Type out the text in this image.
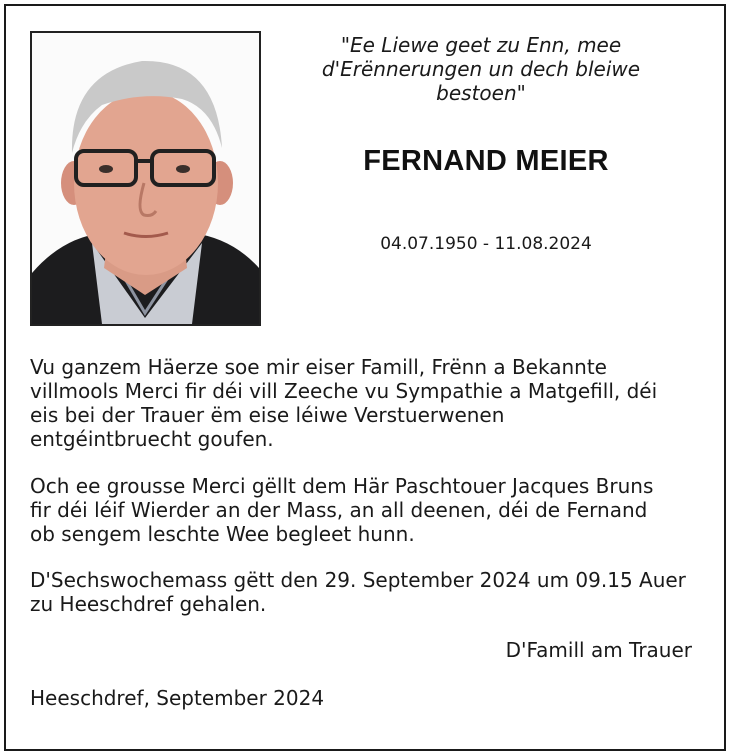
"Ee Liewe geet zu Enn, mee d'Erënnerungen un dech bleiwe bestoen"
FERNAND MEIER
04.07.1950 - 11.08.2024
Vu ganzem Häerze soe mir eiser Famill, Frënn a Bekannte
villmools Merci fir déi vill Zeeche vu Sympathie a Matgefill, déi
eis bei der Trauer ëm eise léiwe Verstuerwenen
entgéintbruecht goufen.
Och ee grousse Merci gëllt dem Här Paschtouer Jacques Bruns
fir déi léif Wierder an der Mass, an all deenen, déi de Fernand
ob sengem leschte Wee begleet hunn.
D'Sechswochemass gëtt den 29. September 2024 um 09.15 Auer
zu Heeschdref gehalen.
D'Famill am Trauer
Heeschdref, September 2024
